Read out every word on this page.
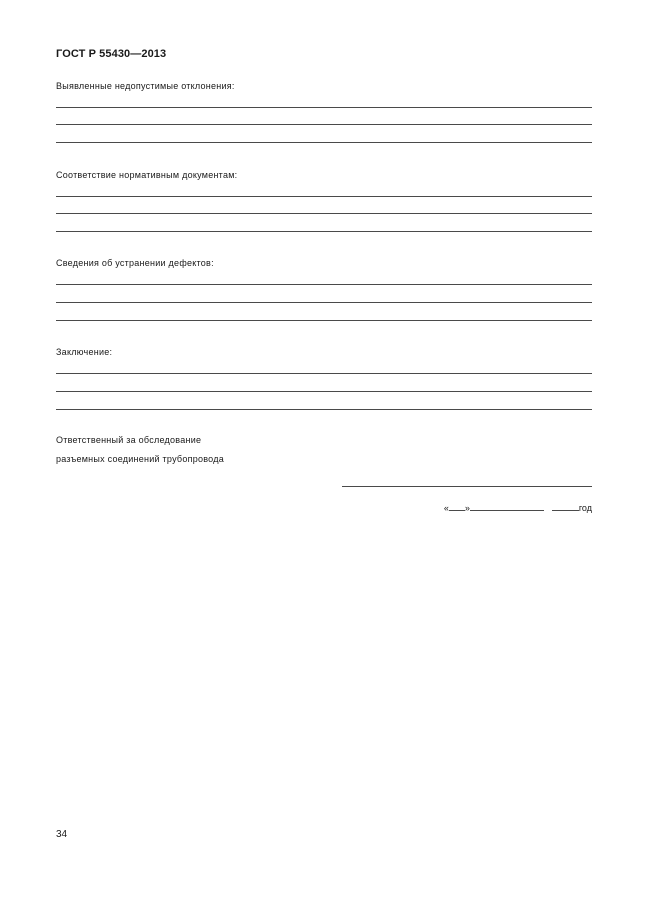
ГОСТ Р 55430—2013
Выявленные недопустимые отклонения:
Соответствие нормативным документам:
Сведения об устранении дефектов:
Заключение:
Ответственный за обследование
разъемных соединений трубопровода
« »	год
34
